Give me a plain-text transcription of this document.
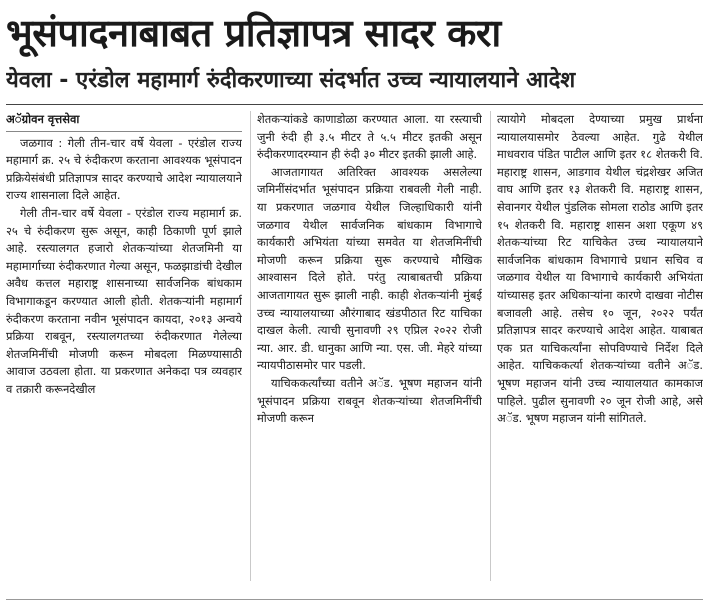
भूसंपादनाबाबत प्रतिज्ञापत्र सादर करा
येवला - एरंडोल महामार्ग रुंदीकरणाच्या संदर्भात उच्च न्यायालयाने आदेश
अॅग्रोवन वृत्तसेवा

जळगाव : गेली तीन-चार वर्षे येवला - एरंडोल राज्य महामार्ग क्र. २५ चे रुंदीकरण करताना आवश्यक भूसंपादन प्रक्रियेसंबंधी प्रतिज्ञापत्र सादर करण्याचे आदेश न्यायालयाने राज्य शासनाला दिले आहेत.

गेली तीन-चार वर्षे येवला - एरंडोल राज्य महामार्ग क्र. २५ चे रुंदीकरण सुरू असून, काही ठिकाणी पूर्ण झाले आहे. रस्त्यालगत हजारो शेतकऱ्यांच्या शेतजमिनी या महामार्गाच्या रुंदीकरणात गेल्या असून, फळझाडांची देखील अवैध कत्तल महाराष्ट्र शासनाच्या सार्वजनिक बांधकाम विभागाकडून करण्यात आली होती. शेतकऱ्यांनी महामार्ग रुंदीकरण करताना नवीन भूसंपादन कायदा, २०१३ अन्वये प्रक्रिया राबवून, रस्त्यालगतच्या रुंदीकरणात गेलेल्या शेतजमिनींची मोजणी करून मोबदला मिळण्यासाठी आवाज उठवला होता. या प्रकरणात अनेकदा पत्र व्यवहार व तक्रारी करूनदेखील

शेतकऱ्यांकडे काणाडोळा करण्यात आला. या रस्त्याची जुनी रुंदी ही ३.५ मीटर ते ५.५ मीटर इतकी असून रुंदीकरणादरम्यान ही रुंदी ३० मीटर इतकी झाली आहे.

आजतागायत अतिरिक्त आवश्यक असलेल्या जमिनींसंदर्भात भूसंपादन प्रक्रिया राबवली गेली नाही. या प्रकरणात जळगाव येथील जिल्हाधिकारी यांनी जळगाव येथील सार्वजनिक बांधकाम विभागाचे कार्यकारी अभियंता यांच्या समवेत या शेतजमिनींची मोजणी करून प्रक्रिया सुरू करण्याचे मौखिक आश्वासन दिले होते. परंतु त्याबाबतची प्रक्रिया आजतागायत सुरू झाली नाही. काही शेतकऱ्यांनी मुंबई उच्च न्यायालयाच्या औरंगाबाद खंडपीठात रिट याचिका दाखल केली. त्याची सुनावणी २९ एप्रिल २०२२ रोजी न्या. आर. डी. धानुका आणि न्या. एस. जी. मेहरे यांच्या न्यायपीठासमोर पार पडली.

याचिककर्त्यांच्या वतीने अॅड. भूषण महाजन यांनी भूसंपादन प्रक्रिया राबवून शेतकऱ्यांच्या शेतजमिनींची मोजणी करून

त्यायोगे मोबदला देण्याच्या प्रमुख प्रार्थना न्यायालयासमोर ठेवल्या आहेत. गुढे येथील माधवराव पंडित पाटील आणि इतर १८ शेतकरी वि. महाराष्ट्र शासन, आडगाव येथील चंद्रशेखर अजित वाघ आणि इतर १३ शेतकरी वि. महाराष्ट्र शासन, सेवानगर येथील पुंडलिक सोमला राठोड आणि इतर १५ शेतकरी वि. महाराष्ट्र शासन अशा एकूण ४९ शेतकऱ्यांच्या रिट याचिकेत उच्च न्यायालयाने सार्वजनिक बांधकाम विभागाचे प्रधान सचिव व जळगाव येथील या विभागाचे कार्यकारी अभियंता यांच्यासह इतर अधिकाऱ्यांना कारणे दाखवा नोटीस बजावली आहे. तसेच १० जून, २०२२ पर्यंत प्रतिज्ञापत्र सादर करण्याचे आदेश आहेत. याबाबत एक प्रत याचिकर्त्यांना सोपविण्याचे निर्देश दिले आहेत. याचिककर्त्या शेतकऱ्यांच्या वतीने अॅड. भूषण महाजन यांनी उच्च न्यायालयात कामकाज पाहिले. पुढील सुनावणी २० जून रोजी आहे, असे अॅड. भूषण महाजन यांनी सांगितले.
